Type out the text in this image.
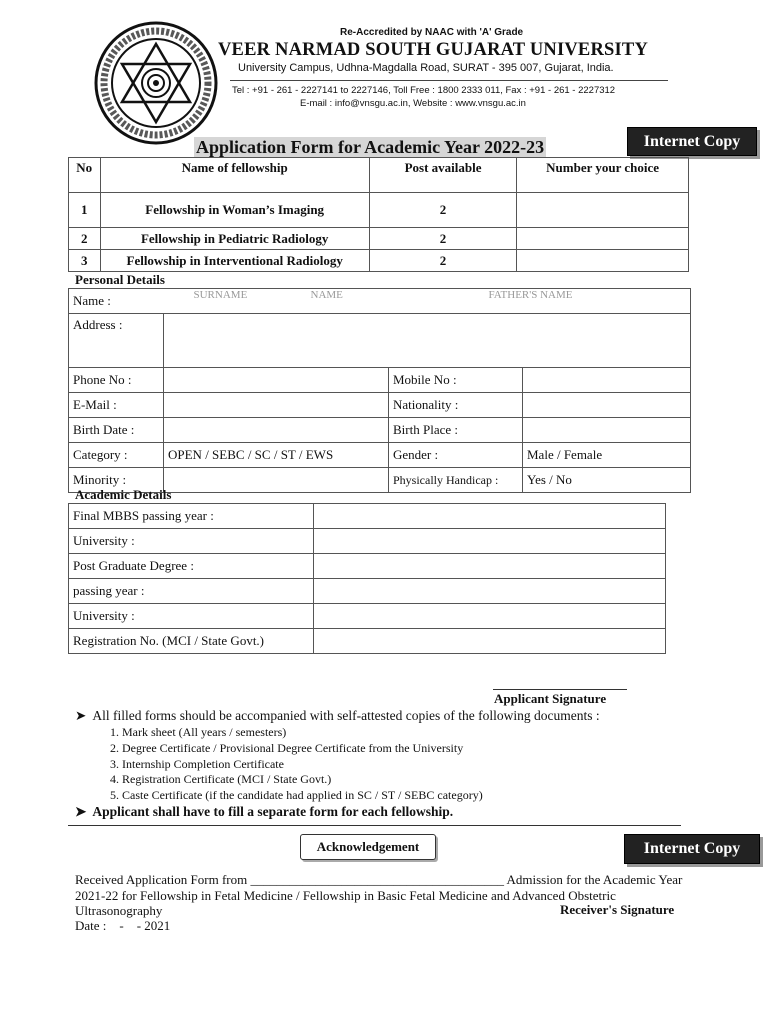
Re-Accredited by NAAC with 'A' Grade
VEER NARMAD SOUTH GUJARAT UNIVERSITY
University Campus, Udhna-Magdalla Road, SURAT - 395 007, Gujarat, India.
Tel : +91 - 261 - 2227141 to 2227146, Toll Free : 1800 2333 011, Fax : +91 - 261 - 2227312
E-mail : info@vnsgu.ac.in, Website : www.vnsgu.ac.in
Application Form for Academic Year 2022-23	Internet Copy
No	Name of fellowship	Post available	Number your choice
1	Fellowship in Woman’s Imaging	2	
2	Fellowship in Pediatric Radiology	2	
3	Fellowship in Interventional Radiology	2	
Personal Details
Name :	SURNAME NAME FATHER'S NAME		

Address :			
Phone No :		Mobile No :	
E-Mail :		Nationality :	
Birth Date :		Birth Place :	
Category :	OPEN / SEBC / SC / ST / EWS	Gender :	Male / Female
Minority :		Physically Handicap :	Yes / No
Academic Details
Final MBBS passing year :	
University :	
Post Graduate Degree :	
passing year :	
University :	
Registration No. (MCI / State Govt.)	
Applicant Signature
➤ All filled forms should be accompanied with self-attested copies of the following documents :
1. Mark sheet (All years / semesters)
2. Degree Certificate / Provisional Degree Certificate from the University
3. Internship Completion Certificate
4. Registration Certificate (MCI / State Govt.)
5. Caste Certificate (if the candidate had applied in SC / ST / SEBC category)
➤ Applicant shall have to fill a separate form for each fellowship.
Acknowledgement	Internet Copy
Received Application Form from _______________________________________ Admission for the Academic Year 2021-22 for Fellowship in Fetal Medicine / Fellowship in Basic Fetal Medicine and Advanced Obstetric Ultrasonography	Receiver's Signature
Date :    -    - 2021
